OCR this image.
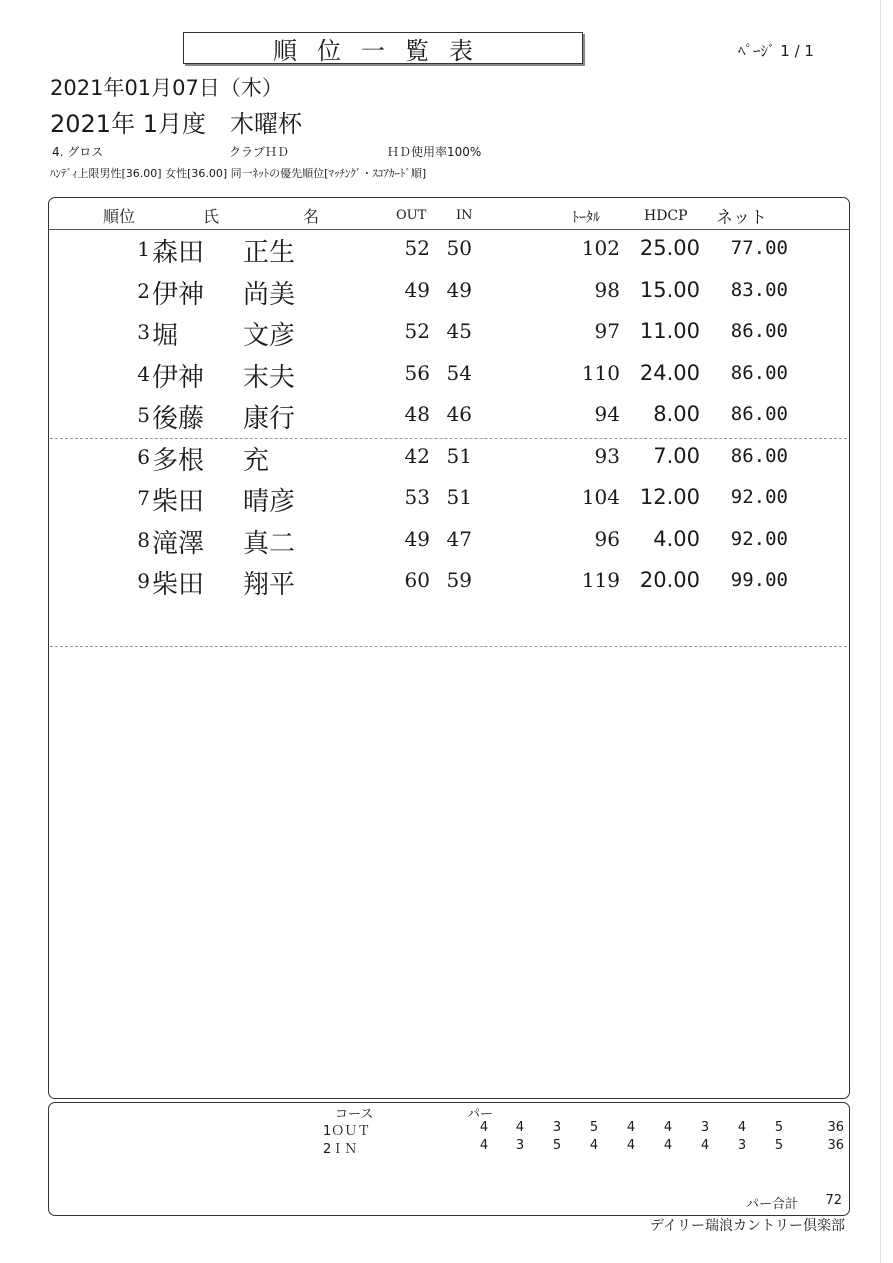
順位一覧表	ﾍﾟｰｼﾞ 1 / 1
2021年01月07日（木）
2021年 1月度　木曜杯
4. グロス	クラブＨＤ	ＨＤ使用率100%
ﾊﾝﾃﾞｨ上限男性[36.00] 女性[36.00] 同一ﾈｯﾄの優先順位[ﾏｯﾁﾝｸﾞ・ｽｺｱｶｰﾄﾞ順]
順位	氏	名	OUT IN	ﾄｰﾀﾙ	HDCP ネット
1 森田 正生	52 50	102 25.00	77.00
2 伊神 尚美	49 49	98 15.00	83.00
3 堀 文彦	52 45	97 11.00	86.00
4 伊神 末夫	56 54	110 24.00	86.00
5 後藤 康行	48 46	94	8.00	86.00
6 多根 充	42 51	93	7.00	86.00
7 柴田 晴彦	53 51	104 12.00	92.00
8 滝澤 真二	49 47	96	4.00	92.00
9 柴田 翔平	60 59	119 20.00	99.00
コース	パー
1ＯＵＴ	4	4	3	5	4	4	3	4	5	36
2ＩＮ	4	3	5	4	4	4	4	3	5	36
パー合計	72
デイリー瑞浪カントリー倶楽部
